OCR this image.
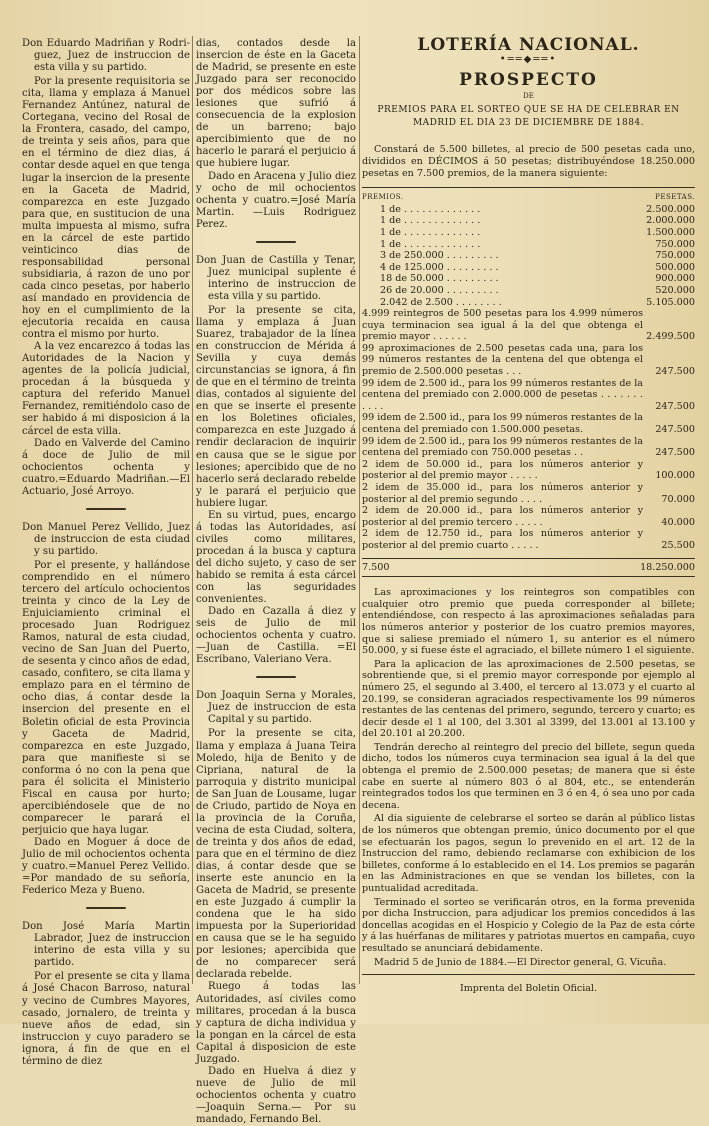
Don Eduardo Madriñan y Rodri-guez, Juez de instruccion de esta villa y su partido.

Por la presente requisitoria se cita, llama y emplaza á Manuel Fernandez Antúnez, natural de Cortegana, vecino del Rosal de la Frontera, casado, del campo, de treinta y seis años, para que en el término de diez dias, á contar desde aquel en que tenga lugar la insercion de la presente en la Gaceta de Madrid, comparezca en este Juzgado para que, en sustitucion de una multa impuesta al mismo, sufra en la cárcel de este partido veinticinco dias de responsabilidad personal subsidiaria, á razon de uno por cada cinco pesetas, por haberlo así mandado en providencia de hoy en el cumplimiento de la ejecutoria recaida en causa contra el mismo por hurto.

A la vez encarezco á todas las Autoridades de la Nacion y agentes de la policía judicial, procedan á la búsqueda y captura del referido Manuel Fernandez, remitiéndolo caso de ser habido á mi disposicion á la cárcel de esta villa.

Dado en Valverde del Camino á doce de Julio de mil ochocientos ochenta y cuatro.=Eduardo Madriñan.—El Actuario, José Arroyo.

Don Manuel Perez Vellido, Juez de instruccion de esta ciudad y su partido.

Por el presente, y hallándose comprendido en el número tercero del artículo ochocientos treinta y cinco de la Ley de Enjuiciamiento criminal el procesado Juan Rodriguez Ramos, natural de esta ciudad, vecino de San Juan del Puerto, de sesenta y cinco años de edad, casado, confitero, se cita llama y emplazo para en el término de ocho dias, á contar desde la insercion del presente en el Boletin oficial de esta Provincia y Gaceta de Madrid, comparezca en este Juzgado, para que manifieste si se conforma ó no con la pena que para él solicita el Ministerio Fiscal en causa por hurto; apercibiéndosele que de no comparecer le parará el perjuicio que haya lugar.

Dado en Moguer á doce de Julio de mil ochocientos ochenta y cuatro.=Manuel Perez Vellido. =Por mandado de su señoría, Federico Meza y Bueno.

Don José María Martin Labrador, Juez de instruccion interino de esta villa y su partido.

Por el presente se cita y llama á José Chacon Barroso, natural y vecino de Cumbres Mayores, casado, jornalero, de treinta y nueve años de edad, sin instruccion y cuyo paradero se ignora, á fin de que en el término de diez

dias, contados desde la insercion de éste en la Gaceta de Madrid, se presente en este Juzgado para ser reconocido por dos médicos sobre las lesiones que sufrió á consecuencia de la explosion de un barreno; bajo apercibimiento que de no hacerlo le parará el perjuicio á que hubiere lugar.

Dado en Aracena y Julio diez y ocho de mil ochocientos ochenta y cuatro.=José María Martin. —Luis Rodriguez Perez.

Don Juan de Castilla y Tenar, Juez municipal suplente é interino de instruccion de esta villa y su partido.

Por la presente se cita, llama y emplaza á Juan Suarez, trabajador de la línea en construccion de Mérida á Sevilla y cuya demás circunstancias se ignora, á fin de que en el término de treinta dias, contados al siguiente del en que se inserte el presente en los Boletines oficiales, comparezca en este Juzgado á rendir declaracion de inquirir en causa que se le sigue por lesiones; apercibido que de no hacerlo será declarado rebelde y le parará el perjuicio que hubiere lugar.

En su virtud, pues, encargo á todas las Autoridades, así civiles como militares, procedan á la busca y captura del dicho sujeto, y caso de ser habido se remita á esta cárcel con las seguridades convenientes.

Dado en Cazalla á diez y seis de Julio de mil ochocientos ochenta y cuatro.—Juan de Castilla. =El Escribano, Valeriano Vera.

Don Joaquin Serna y Morales, Juez de instruccion de esta Capital y su partido.

Por la presente se cita, llama y emplaza á Juana Teira Moledo, hija de Benito y de Cipriana, natural de la parroquia y distrito municipal de San Juan de Lousame, lugar de Criudo, partido de Noya en la provincia de la Coruña, vecina de esta Ciudad, soltera, de treinta y dos años de edad, para que en el término de diez dias, á contar desde que se inserte este anuncio en la Gaceta de Madrid, se presente en este Juzgado á cumplir la condena que le ha sido impuesta por la Superioridad en causa que se le ha seguido por lesiones; apercibida que de no comparecer será declarada rebelde.

Ruego á todas las Autoridades, así civiles como militares, procedan á la busca y captura de dicha individua y la pongan en la cárcel de esta Capital á disposicion de este Juzgado.

Dado en Huelva á diez y nueve de Julio de mil ochocientos ochenta y cuatro —Joaquin Serna.— Por su mandado, Fernando Bel.

LOTERÍA NACIONAL.
•══◆══•
PROSPECTO
DE
PREMIOS PARA EL SORTEO QUE SE HA DE CELEBRAR EN MADRID EL DIA 23 DE DICIEMBRE DE 1884.

Constará de 5.500 billetes, al precio de 500 pesetas cada uno, divididos en DÉCIMOS á 50 pesetas; distribuyéndose 18.250.000 pesetas en 7.500 premios, de la manera siguiente:

PREMIOS.	PESETAS.
1 de . . . . . . . . . . . . .	2.500.000
1 de . . . . . . . . . . . . .	2.000.000
1 de . . . . . . . . . . . . .	1.500.000
1 de . . . . . . . . . . . . .	750.000
3 de 250.000 . . . . . . . . .	750.000
4 de 125.000 . . . . . . . . .	500.000
18 de 50.000 . . . . . . . . .	900.000
26 de 20.000 . . . . . . . . .	520.000
2.042 de 2.500 . . . . . . . .	5.105.000
4.999 reintegros de 500 pesetas para los 4.999 números cuya terminacion sea igual á la del que obtenga el premio mayor . . . . . .	2.499.500
99 aproximaciones de 2.500 pesetas cada una, para los 99 números restantes de la centena del que obtenga el premio de 2.500.000 pesetas . . .	247.500
99 idem de 2.500 id., para los 99 números restantes de la centena del premiado con 2.000.000 de pesetas . . . . . . . . . . .	247.500
99 idem de 2.500 id., para los 99 números restantes de la centena del premiado con 1.500.000 pesetas.	247.500
99 idem de 2.500 id., para los 99 números restantes de la centena del premiado con 750.000 pesetas . .	247.500
2 idem de 50.000 id., para los números anterior y posterior al del premio mayor . . . . .	100.000
2 idem de 35.000 id., para los números anterior y posterior al del premio segundo . . . .	70.000
2 idem de 20.000 id., para los números anterior y posterior al del premio tercero . . . . .	40.000
2 idem de 12.750 id., para los números anterior y posterior al del premio cuarto . . . . .	25.500
7.500	18.250.000

Las aproximaciones y los reintegros son compatibles con cualquier otro premio que pueda corresponder al billete; entendiéndose, con respecto á las aproximaciones señaladas para los números anterior y posterior de los cuatro premios mayores, que si saliese premiado el número 1, su anterior es el número 50.000, y si fuese éste el agraciado, el billete número 1 el siguiente.

Para la aplicacion de las aproximaciones de 2.500 pesetas, se sobrentiende que, si el premio mayor corresponde por ejemplo al número 25, el segundo al 3.400, el tercero al 13.073 y el cuarto al 20.199, se consideran agraciados respectivamente los 99 números restantes de las centenas del primero, segundo, tercero y cuarto; es decir desde el 1 al 100, del 3.301 al 3399, del 13.001 al 13.100 y del 20.101 al 20.200.

Tendrán derecho al reintegro del precio del billete, segun queda dicho, todos los números cuya terminacion sea igual á la del que obtenga el premio de 2.500.000 pesetas; de manera que si éste cabe en suerte al número 803 ó al 804, etc., se entenderán reintegrados todos los que terminen en 3 ó en 4, ó sea uno por cada decena.

Al dia siguiente de celebrarse el sorteo se darán al público listas de los números que obtengan premio, único documento por el que se efectuarán los pagos, segun lo prevenido en el art. 12 de la Instruccion del ramo, debiendo reclamarse con exhibicion de los billetes, conforme á lo establecido en el 14. Los premios se pagarán en las Administraciones en que se vendan los billetes, con la puntualidad acreditada.

Terminado el sorteo se verificarán otros, en la forma prevenida por dicha Instruccion, para adjudicar los premios concedidos á las doncellas acogidas en el Hospicio y Colegio de la Paz de esta córte y á las huérfanas de militares y patriotas muertos en campaña, cuyo resultado se anunciará debidamente.

Madrid 5 de Junio de 1884.—El Director general, G. Vicuña.

Imprenta del Boletin Oficial.
